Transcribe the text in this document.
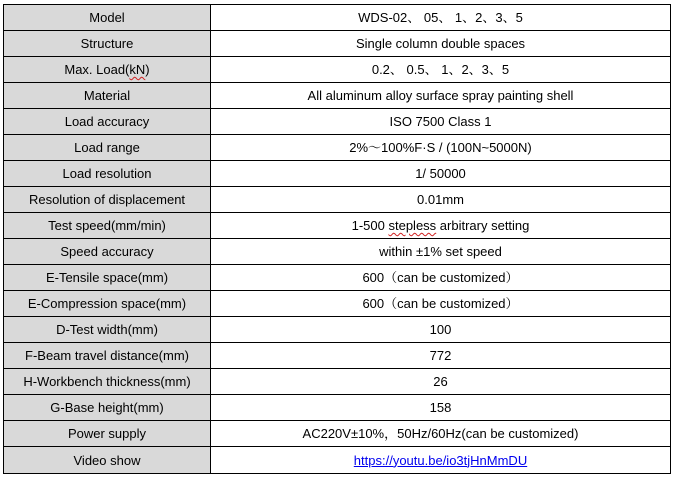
Model	WDS-02、 05、 1、2、3、5
Structure	Single column double spaces
Max. Load(kN)	0.2、 0.5、 1、2、3、5
Material	All aluminum alloy surface spray painting shell
Load accuracy	ISO 7500 Class 1
Load range	2%～100%F·S / (100N~5000N)
Load resolution	1/ 50000
Resolution of displacement	0.01mm
Test speed(mm/min)	1-500 stepless arbitrary setting
Speed accuracy	within ±1% set speed
E-Tensile space(mm)	600（can be customized）
E-Compression space(mm)	600（can be customized）
D-Test width(mm)	100
F-Beam travel distance(mm)	772
H-Workbench thickness(mm)	26
G-Base height(mm)	158
Power supply	AC220V±10%，50Hz/60Hz(can be customized)
Video show	https://youtu.be/io3tjHnMmDU
